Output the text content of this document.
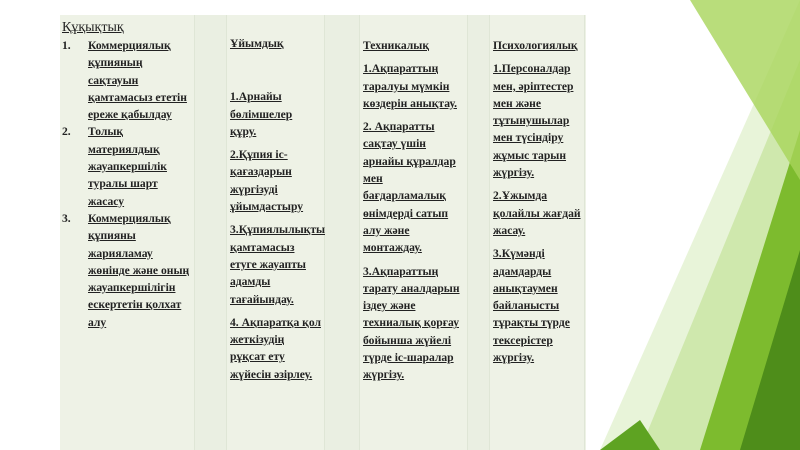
Құқықтық
1.	Коммерциялық құпияның сақтауын қамтамасыз ететін ереже қабылдау
2.	Толық материялдық жауапкершілік туралы шарт жасасу
3.	Коммерциялық құпияны жарияламау жөнінде және оның жауапкершілігін ескертетін қолхат алу
Ұйымдық

1.Арнайы бөлімшелер құру.

2.Құпия іс-қағаздарын жүргізуді ұйымдастыру

3.Құпиялылықты қамтамасыз етуге жауапты адамды тағайындау.

4. Ақпаратқа қол жеткізудің рұқсат ету жүйесін әзірлеу.

Техникалық

1.Ақпараттың таралуы мүмкін көздерін анықтау.

2. Ақпаратты сақтау үшін арнайы құралдар мен бағдарламалық өнімдерді сатып алу және монтаждау.

3.Ақпараттың тарату аналдарын іздеу және техниалық қорғау бойынша жүйелі түрде іс-шаралар жүргізу.

Психологиялық

1.Персоналдар мен, әріптестер мен және тұтынушылар мен түсіндіру жұмыс тарын жүргізу.

2.Ұжымда қолайлы жағдай жасау.

3.Күмәнді адамдарды анықтаумен байланысты тұрақты түрде тексерістер жүргізу.
